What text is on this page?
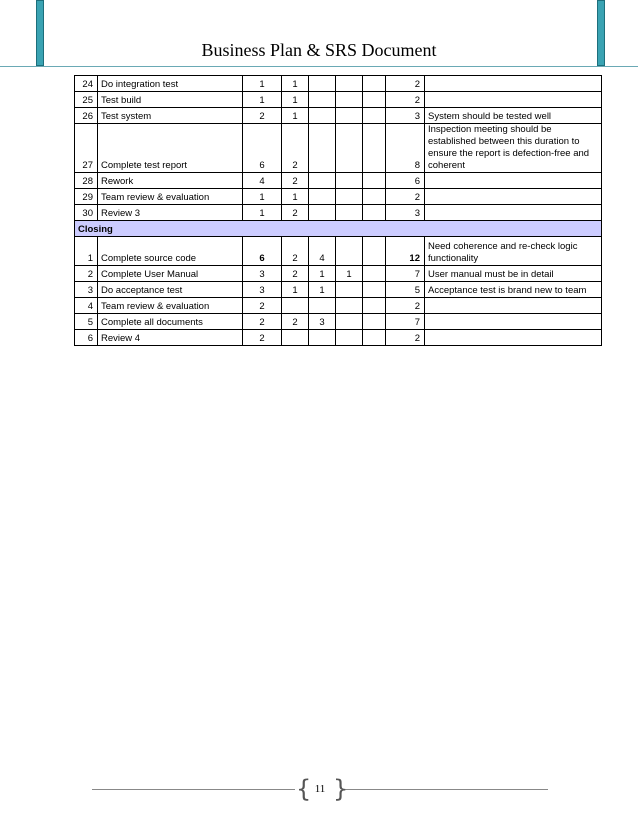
Business Plan & SRS Document
24	Do integration test	1	1				2	
25	Test build	1	1				2	
26	Test system	2	1				3	System should be tested well
27	Complete test report	6	2				8	Inspection meeting should be established between this duration to ensure the report is defection-free and coherent
28	Rework	4	2				6	
29	Team review & evaluation	1	1				2	
30	Review 3	1	2				3	
Closing								
1	Complete source code	6	2	4			12	Need coherence and re-check logic functionality
2	Complete User Manual	3	2	1	1		7	User manual must be in detail
3	Do acceptance test	3	1	1			5	Acceptance test is brand new to team
4	Team review & evaluation	2					2	
5	Complete all documents	2	2	3			7	
6	Review 4	2					2	
{ }
11
